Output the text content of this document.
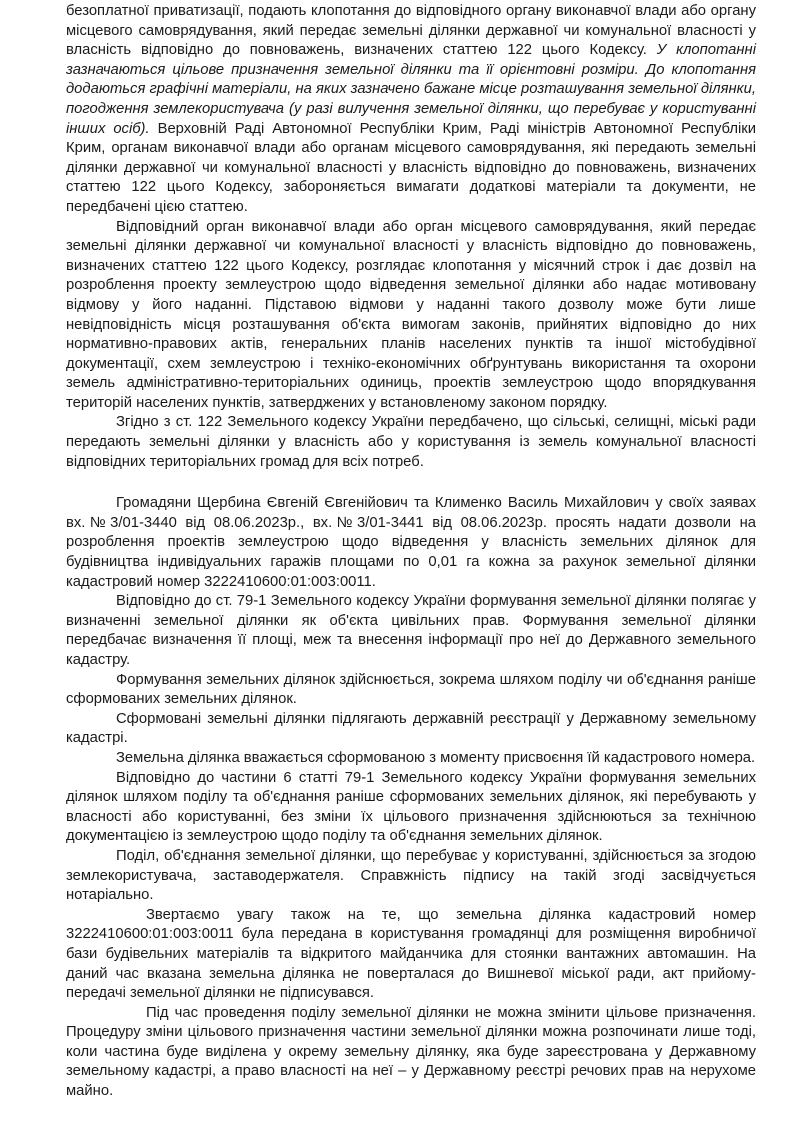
безоплатної приватизації, подають клопотання до відповідного органу виконавчої влади або органу місцевого самоврядування, який передає земельні ділянки державної чи комунальної власності у власність відповідно до повноважень, визначених статтею 122 цього Кодексу. У клопотанні зазначаються цільове призначення земельної ділянки та її орієнтовні розміри. До клопотання додаються графічні матеріали, на яких зазначено бажане місце розташування земельної ділянки, погодження землекористувача (у разі вилучення земельної ділянки, що перебуває у користуванні інших осіб). Верховній Раді Автономної Республіки Крим, Раді міністрів Автономної Республіки Крим, органам виконавчої влади або органам місцевого самоврядування, які передають земельні ділянки державної чи комунальної власності у власність відповідно до повноважень, визначених статтею 122 цього Кодексу, забороняється вимагати додаткові матеріали та документи, не передбачені цією статтею.

Відповідний орган виконавчої влади або орган місцевого самоврядування, який передає земельні ділянки державної чи комунальної власності у власність відповідно до повноважень, визначених статтею 122 цього Кодексу, розглядає клопотання у місячний строк і дає дозвіл на розроблення проекту землеустрою щодо відведення земельної ділянки або надає мотивовану відмову у його наданні. Підставою відмови у наданні такого дозволу може бути лише невідповідність місця розташування об'єкта вимогам законів, прийнятих відповідно до них нормативно-правових актів, генеральних планів населених пунктів та іншої містобудівної документації, схем землеустрою і техніко-економічних обґрунтувань використання та охорони земель адміністративно-територіальних одиниць, проектів землеустрою щодо впорядкування територій населених пунктів, затверджених у встановленому законом порядку.

Згідно з ст. 122 Земельного кодексу України передбачено, що сільські, селищні, міські ради передають земельні ділянки у власність або у користування із земель комунальної власності відповідних територіальних громад для всіх потреб.

Громадяни Щербина Євгеній Євгенійович та Клименко Василь Михайлович у своїх заявах вх.№3/01-3440 від 08.06.2023р., вх.№3/01-3441 від 08.06.2023р. просять надати дозволи на розроблення проектів землеустрою щодо відведення у власність земельних ділянок для будівництва індивідуальних гаражів площами по 0,01 га кожна за рахунок земельної ділянки кадастровий номер 3222410600:01:003:0011.

Відповідно до ст. 79-1 Земельного кодексу України формування земельної ділянки полягає у визначенні земельної ділянки як об'єкта цивільних прав. Формування земельної ділянки передбачає визначення її площі, меж та внесення інформації про неї до Державного земельного кадастру.

Формування земельних ділянок здійснюється, зокрема шляхом поділу чи об'єднання раніше сформованих земельних ділянок.

Сформовані земельні ділянки підлягають державній реєстрації у Державному земельному кадастрі.

Земельна ділянка вважається сформованою з моменту присвоєння їй кадастрового номера.

Відповідно до частини 6 статті 79-1 Земельного кодексу України формування земельних ділянок шляхом поділу та об'єднання раніше сформованих земельних ділянок, які перебувають у власності або користуванні, без зміни їх цільового призначення здійснюються за технічною документацією із землеустрою щодо поділу та об'єднання земельних ділянок.

Поділ, об'єднання земельної ділянки, що перебуває у користуванні, здійснюється за згодою землекористувача, заставодержателя. Справжність підпису на такій згоді засвідчується нотаріально.

Звертаємо увагу також на те, що земельна ділянка кадастровий номер 3222410600:01:003:0011 була передана в користування громадянці для розміщення виробничої бази будівельних матеріалів та відкритого майданчика для стоянки вантажних автомашин. На даний час вказана земельна ділянка не поверталася до Вишневої міської ради, акт прийому-передачі земельної ділянки не підписувався.

Під час проведення поділу земельної ділянки не можна змінити цільове призначення. Процедуру зміни цільового призначення частини земельної ділянки можна розпочинати лише тоді, коли частина буде виділена у окрему земельну ділянку, яка буде зареєстрована у Державному земельному кадастрі, а право власності на неї – у Державному реєстрі речових прав на нерухоме майно.
